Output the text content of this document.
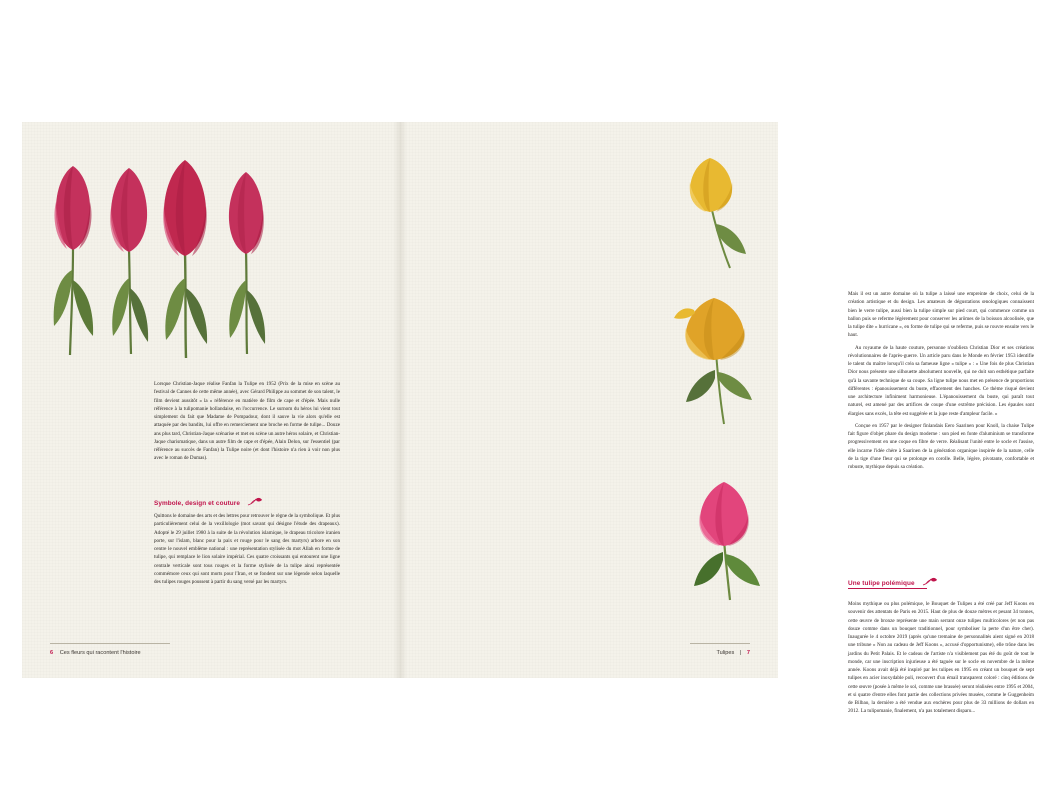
Lorsque Christian-Jaque réalise Fanfan la Tulipe en 1952 (Prix de la mise en scène au festival de Cannes de cette même année), avec Gérard Philippe au sommet de son talent, le film devient aussitôt « la » référence en matière de film de cape et d'épée. Mais nulle référence à la tulipomanie hollandaise, en l'occurrence. Le surnom du héros lui vient tout simplement du fait que Madame de Pompadour, dont il sauve la vie alors qu'elle est attaquée par des bandits, lui offre en remerciement une broche en forme de tulipe... Douze ans plus tard, Christian-Jaque scénarise et met en scène un autre héros solaire, et Christian-Jaque charismatique, dans un autre film de cape et d'épée, Alain Delon, sur l'essentiel (par référence au succès de Fanfan) la Tulipe noire (et dont l'histoire n'a rien à voir non plus avec le roman de Dumas).

Symbole, design et couture

Quittons le domaine des arts et des lettres pour retrouver le règne de la symbolique. Et plus particulièrement celui de la vexillologie (mot savant qui désigne l'étude des drapeaux). Adopté le 29 juillet 1980 à la suite de la révolution islamique, le drapeau tricolore iranien porte, sur l'islam, blanc pour la paix et rouge pour le sang des martyrs) arbore en son centre le nouvel emblème national : une représentation stylisée du mot Allah en forme de tulipe, qui remplace le lion solaire impérial. Ces quatre croissants qui entourent une ligne centrale verticale sont tous rouges et la forme stylisée de la tulipe ainsi représentée commémore ceux qui sont morts pour l'Iran, et se fondent sur une légende selon laquelle des tulipes rouges poussent à partir du sang versé par les martyrs.

6 Ces fleurs qui racontent l'histoire

Mais il est un autre domaine où la tulipe a laissé une empreinte de choix, celui de la création artistique et du design. Les amateurs de dégustations œnologiques connaissent bien le verre tulipe, aussi bien la tulipe simple sur pied court, qui commence comme un ballon puis se referme légèrement pour conserver les arômes de la boisson alcoolisée, que la tulipe dite « hurricane », en forme de tulipe qui se referme, puis se rouvre ensuite vers le haut.

Au royaume de la haute couture, personne n'oubliera Christian Dior et ses créations révolutionnaires de l'après-guerre. Un article paru dans le Monde en février 1953 identifie le talent du maître lorsqu'il créa sa fameuse ligne « tulipe » : « Une fois de plus Christian Dior nous présente une silhouette absolument nouvelle, qui ne doit son esthétique parfaite qu'à la savante technique de sa coupe. Sa ligne tulipe nous met en présence de proportions différentes : épanouissement du buste, effacement des hanches. Ce thème risqué devient une architecture infiniment harmonieuse. L'épanouissement du buste, qui paraît tout naturel, est amené par des artifices de coupe d'une extrême précision. Les épaules sont élargies sans excès, la tête est suggérée et la jupe reste d'ampleur facile. »

Conçue en 1957 par le designer finlandais Eero Saarinen pour Knoll, la chaise Tulipe fait figure d'objet phare du design moderne : son pied en fonte d'aluminium se transforme progressivement en une coque en fibre de verre. Réalisant l'unité entre le socle et l'assise, elle incarne l'idée chère à Saarinen de la génération organique inspirée de la nature, celle de la tige d'une fleur qui se prolonge en corolle. Belle, légère, pivotante, confortable et robuste, mythique depuis sa création.

Une tulipe polémique

Moins mythique ou plus polémique, le Bouquet de Tulipes a été créé par Jeff Koons en souvenir des attentats de Paris en 2015. Haut de plus de douze mètres et pesant 34 tonnes, cette œuvre de bronze représente une main serrant onze tulipes multicolores (et non pas douze comme dans un bouquet traditionnel, pour symboliser la perte d'un être cher). Inaugurée le 4 octobre 2019 (après qu'une tremaine de personnalités aient signé en 2018 une tribune « Non au cadeau de Jeff Koons », accusé d'opportunisme), elle trône dans les jardins du Petit Palais. Et le cadeau de l'artiste n'a visiblement pas été du goût de tout le monde, car une inscription injurieuse a été taguée sur le socle en novembre de la même année. Koons avait déjà été inspiré par les tulipes en 1995 en créant un bouquet de sept tulipes en acier inoxydable poli, recouvert d'un émail transparent coloré : cinq éditions de cette œuvre (posée à même le sol, comme une brassée) seront réalisées entre 1995 et 2004, et si quatre d'entre elles font partie des collections privées musées, comme le Guggenheim de Bilbao, la dernière a été vendue aux enchères pour plus de 33 millions de dollars en 2012. La tulipomanie, finalement, n'a pas totalement disparu...

Tulipes | 7
